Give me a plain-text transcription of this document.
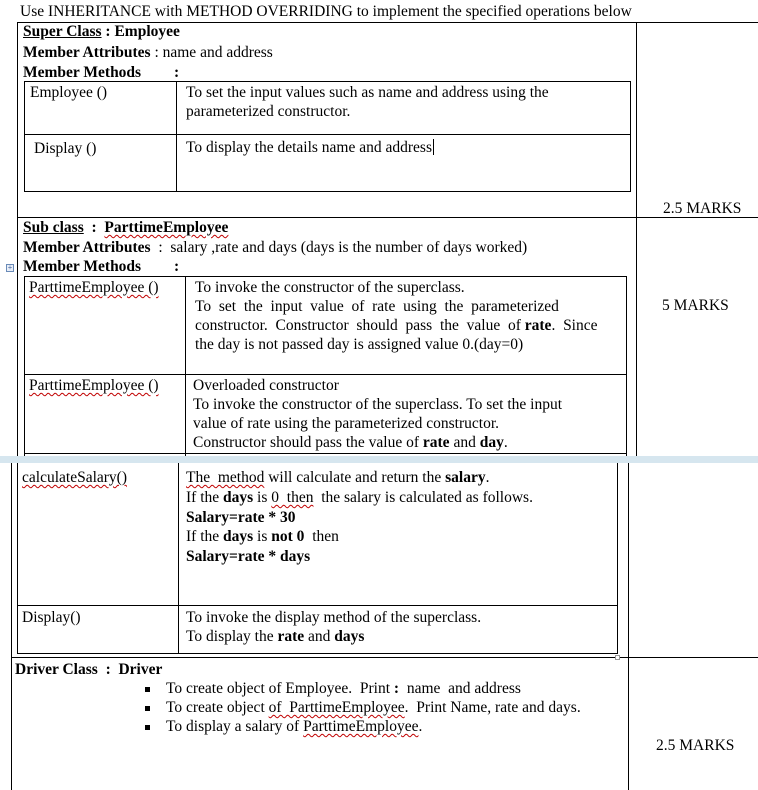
Use INHERITANCE with METHOD OVERRIDING to implement the specified operations below
Super Class : Employee
Member Attributes : name and address
Member Methods :
Employee ()	To set the input values such as name and address using the
parameterized constructor.
Display ()	To display the details name and address
2.5 MARKS
Sub class  :  ParttimeEmployee
Member Attributes  :  salary ,rate and days (days is the number of days worked)
+ Member Methods :
ParttimeEmployee () To invoke the constructor of the superclass.
To  set  the  input  value  of  rate  using  the  parameterized
constructor.  Constructor  should  pass  the  value  of rate.  Since
the day is not passed day is assigned value 0.(day=0)
ParttimeEmployee () Overloaded constructor
To invoke the constructor of the superclass. To set the input
value of rate using the parameterized constructor.
Constructor should pass the value of rate and day.
5 MARKS
calculateSalary()	The  method will calculate and return the salary.
If the days is 0  then  the salary is calculated as follows.
Salary=rate * 30
If the days is not 0  then
Salary=rate * days
Display()	To invoke the display method of the superclass.
To display the rate and days
Driver Class  :  Driver
To create object of Employee.  Print :  name  and address
To create object of  ParttimeEmployee.  Print Name, rate and days.
To display a salary of ParttimeEmployee.
2.5 MARKS
